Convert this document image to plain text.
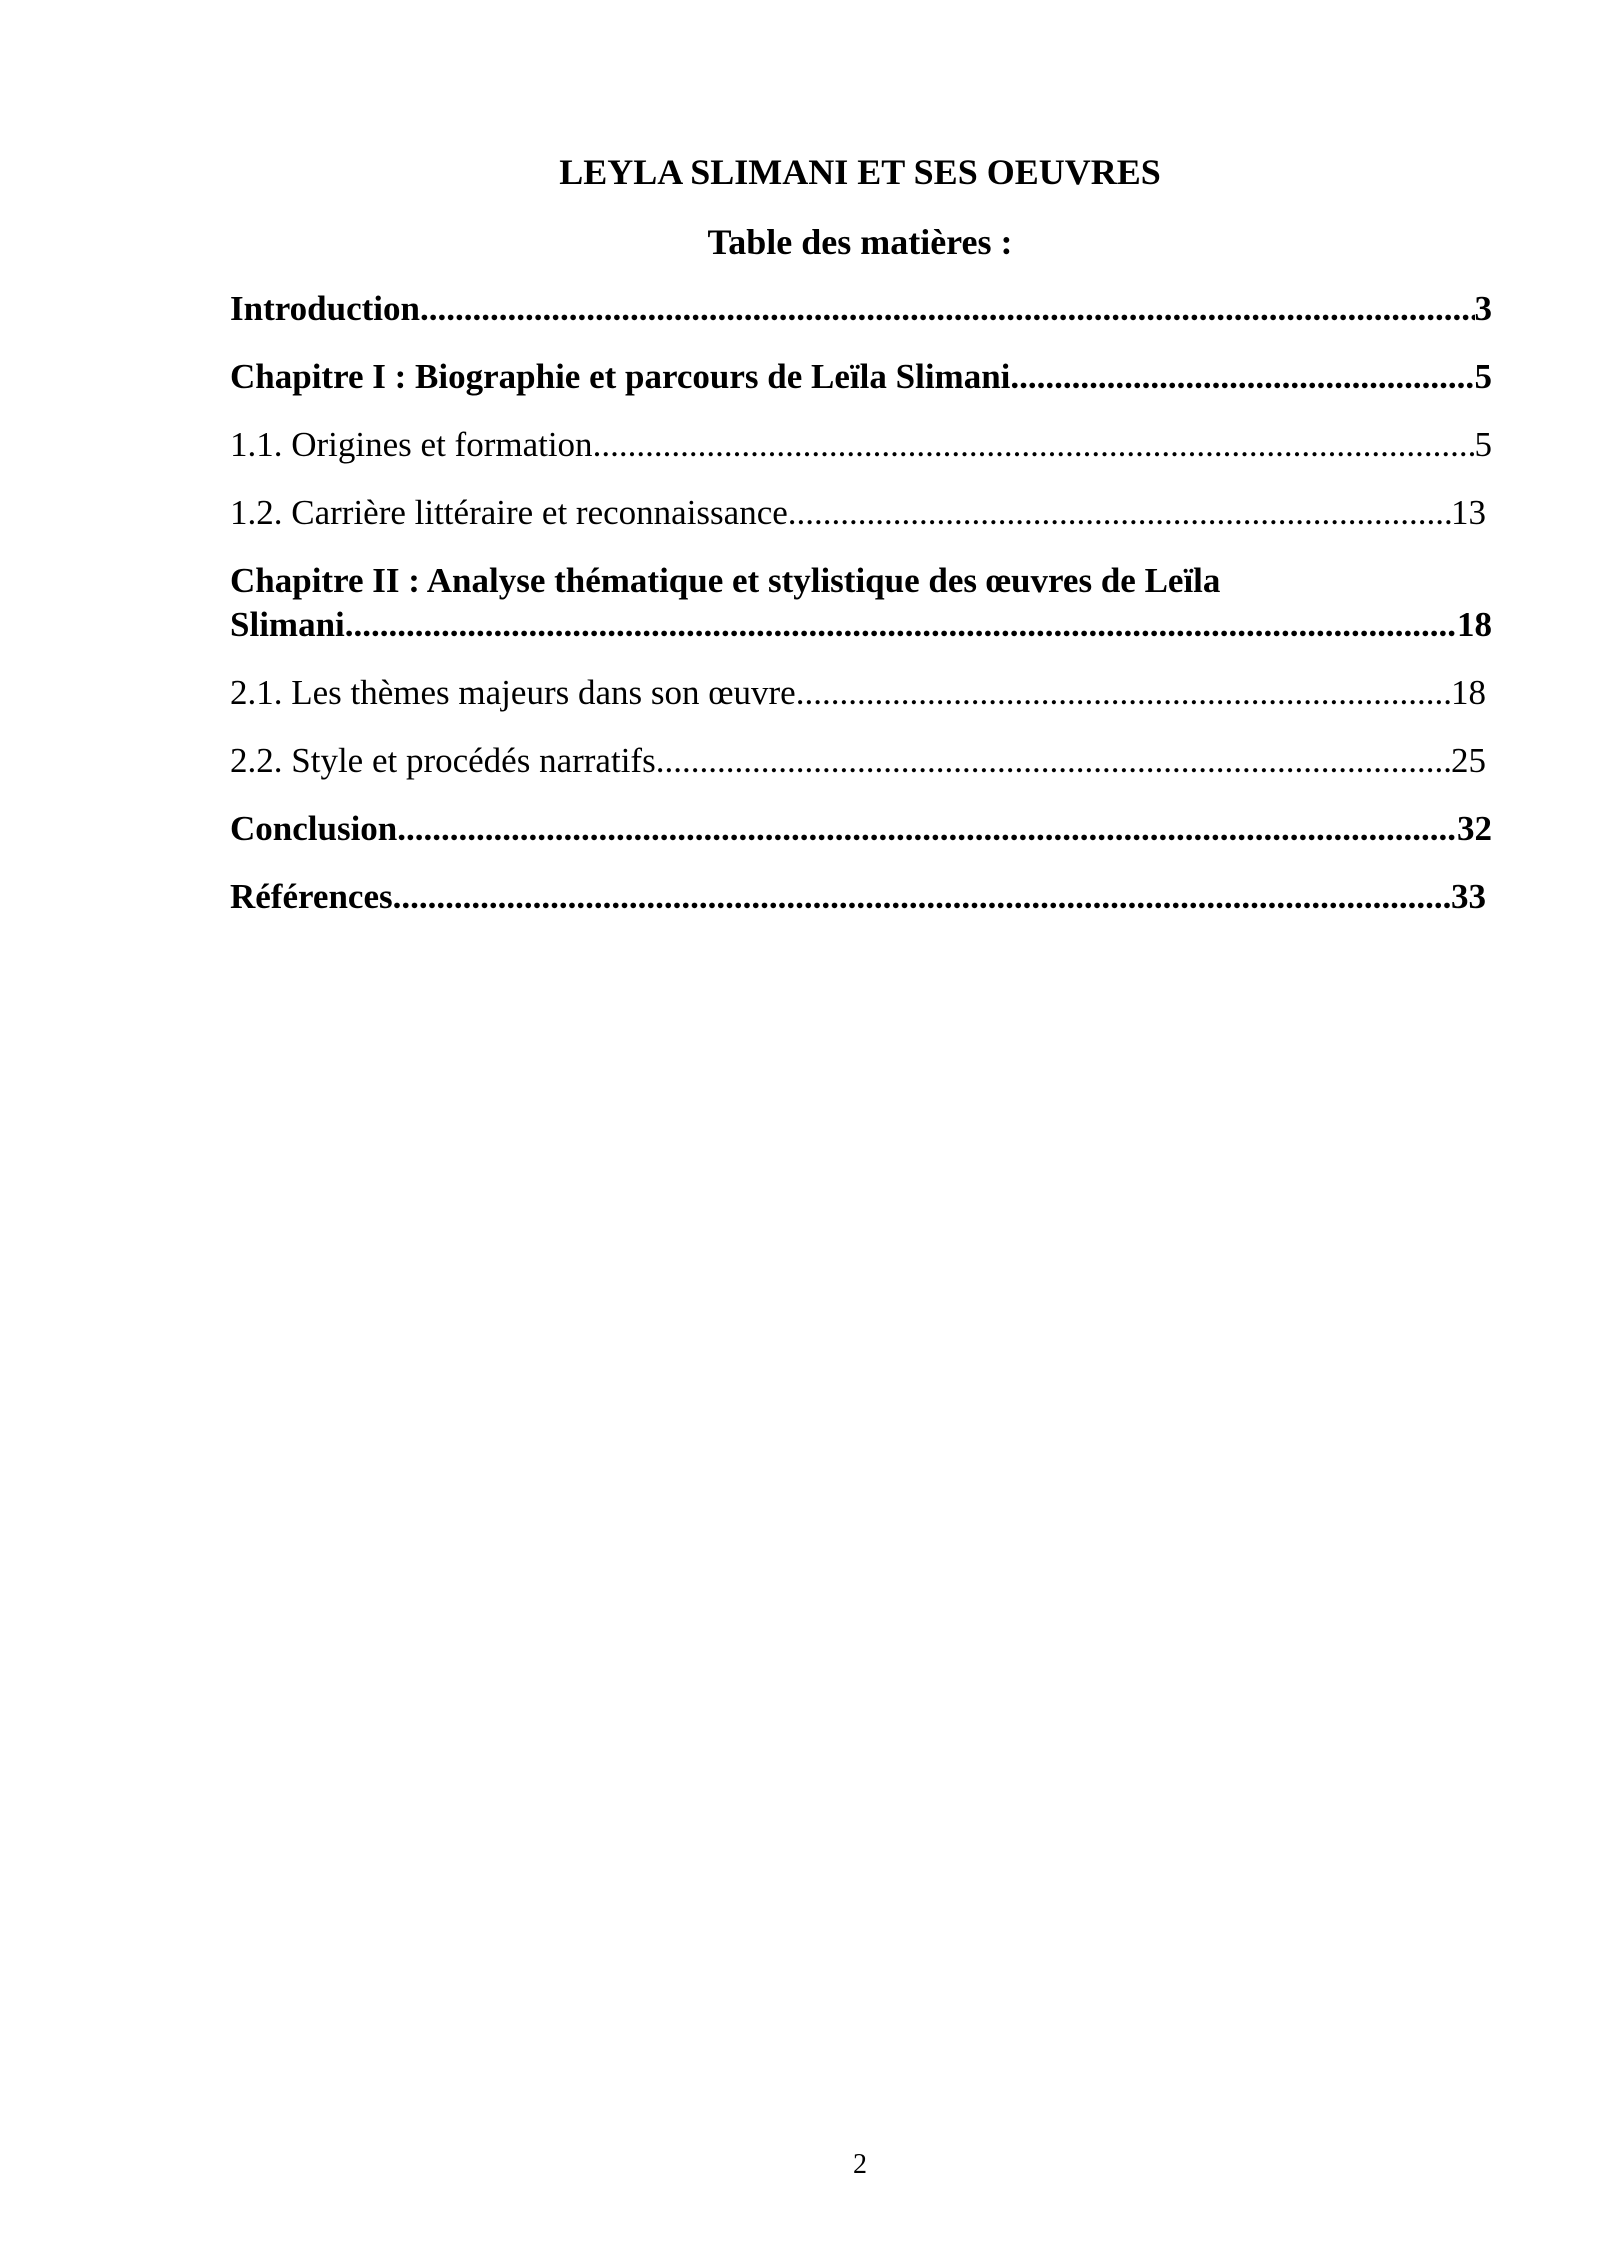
LEYLA SLIMANI ET SES OEUVRES
Table des matières :
Introduction .....	3
Chapitre I : Biographie et parcours de Leïla Slimani .....	5
1.1. Origines et formation .....	5
1.2. Carrière littéraire et reconnaissance .....	13
Chapitre II : Analyse thématique et stylistique des œuvres de Leïla
Slimani .....	18
2.1. Les thèmes majeurs dans son œuvre .....	18
2.2. Style et procédés narratifs .....	25
Conclusion .....	32
Références .....	33
2
